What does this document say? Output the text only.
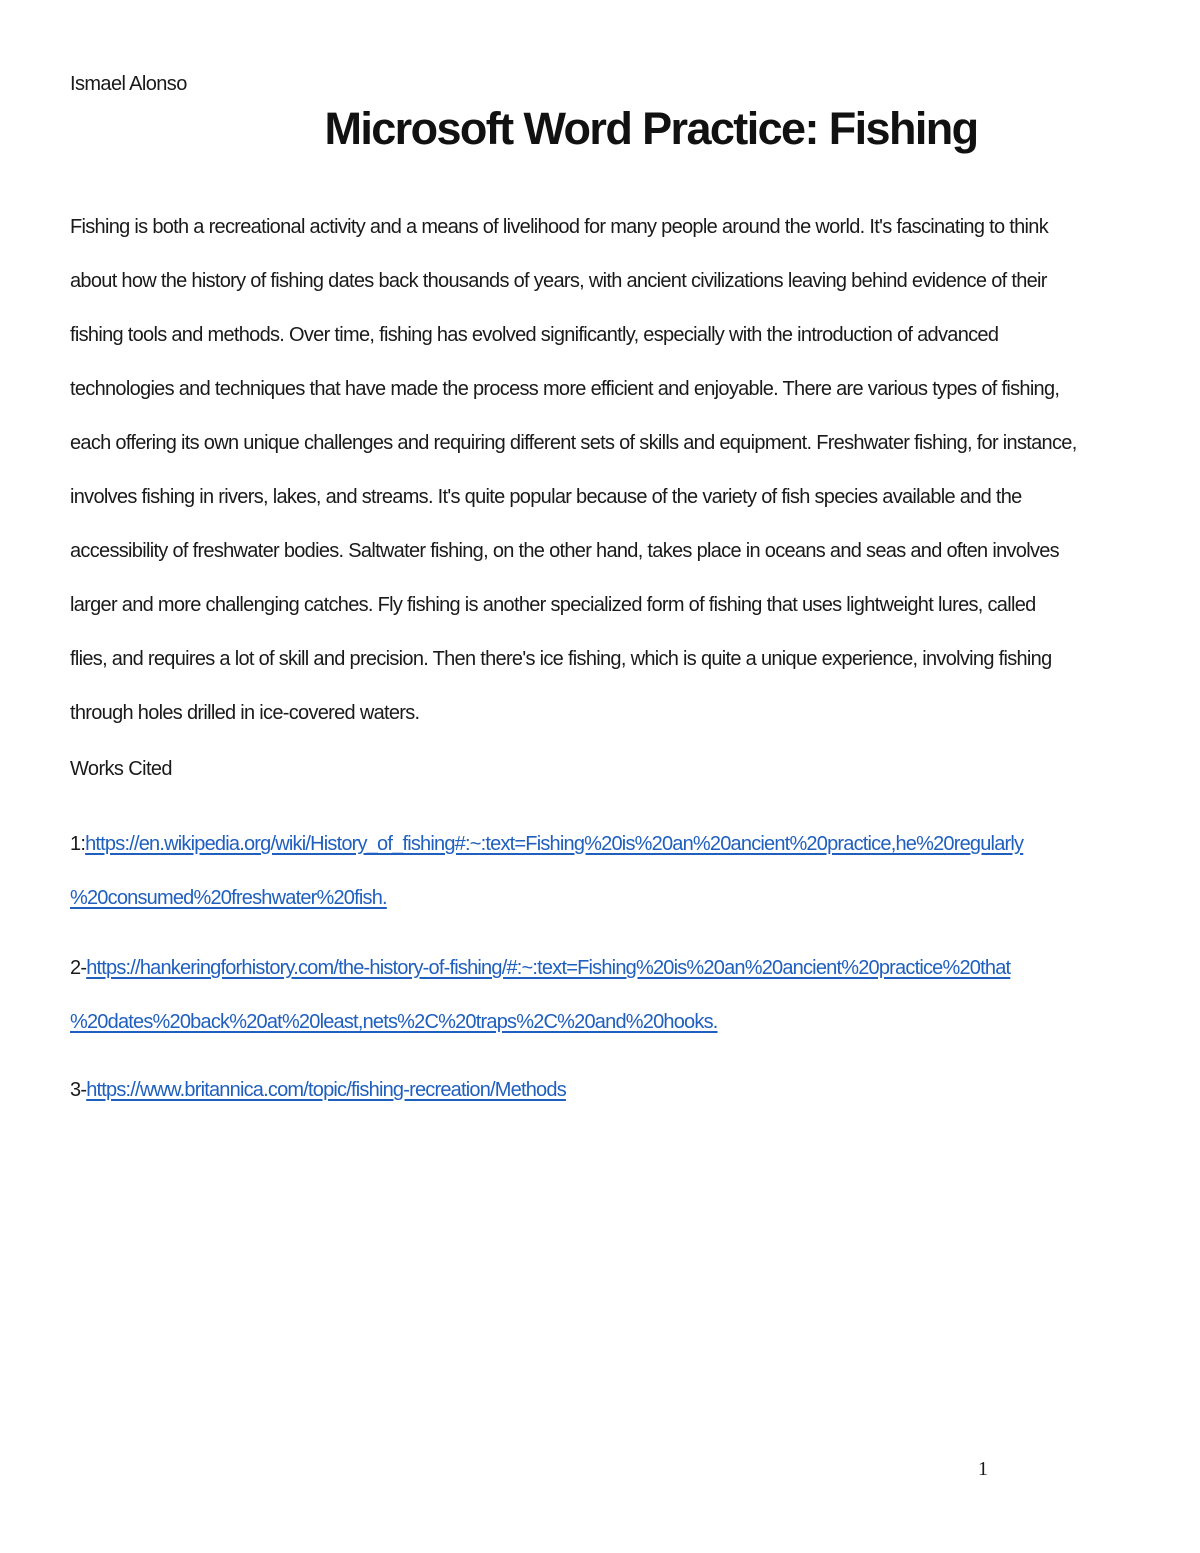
Ismael Alonso
Microsoft Word Practice: Fishing
Fishing is both a recreational activity and a means of livelihood for many people around the world. It's fascinating to think
about how the history of fishing dates back thousands of years, with ancient civilizations leaving behind evidence of their
fishing tools and methods. Over time, fishing has evolved significantly, especially with the introduction of advanced
technologies and techniques that have made the process more efficient and enjoyable. There are various types of fishing,
each offering its own unique challenges and requiring different sets of skills and equipment. Freshwater fishing, for instance,
involves fishing in rivers, lakes, and streams. It's quite popular because of the variety of fish species available and the
accessibility of freshwater bodies. Saltwater fishing, on the other hand, takes place in oceans and seas and often involves
larger and more challenging catches. Fly fishing is another specialized form of fishing that uses lightweight lures, called
flies, and requires a lot of skill and precision. Then there's ice fishing, which is quite a unique experience, involving fishing
through holes drilled in ice-covered waters.
Works Cited
1:https://en.wikipedia.org/wiki/History_of_fishing#:~:text=Fishing%20is%20an%20ancient%20practice,he%20regularly
%20consumed%20freshwater%20fish.
2-https://hankeringforhistory.com/the-history-of-fishing/#:~:text=Fishing%20is%20an%20ancient%20practice%20that
%20dates%20back%20at%20least,nets%2C%20traps%2C%20and%20hooks.
3-https://www.britannica.com/topic/fishing-recreation/Methods
1
